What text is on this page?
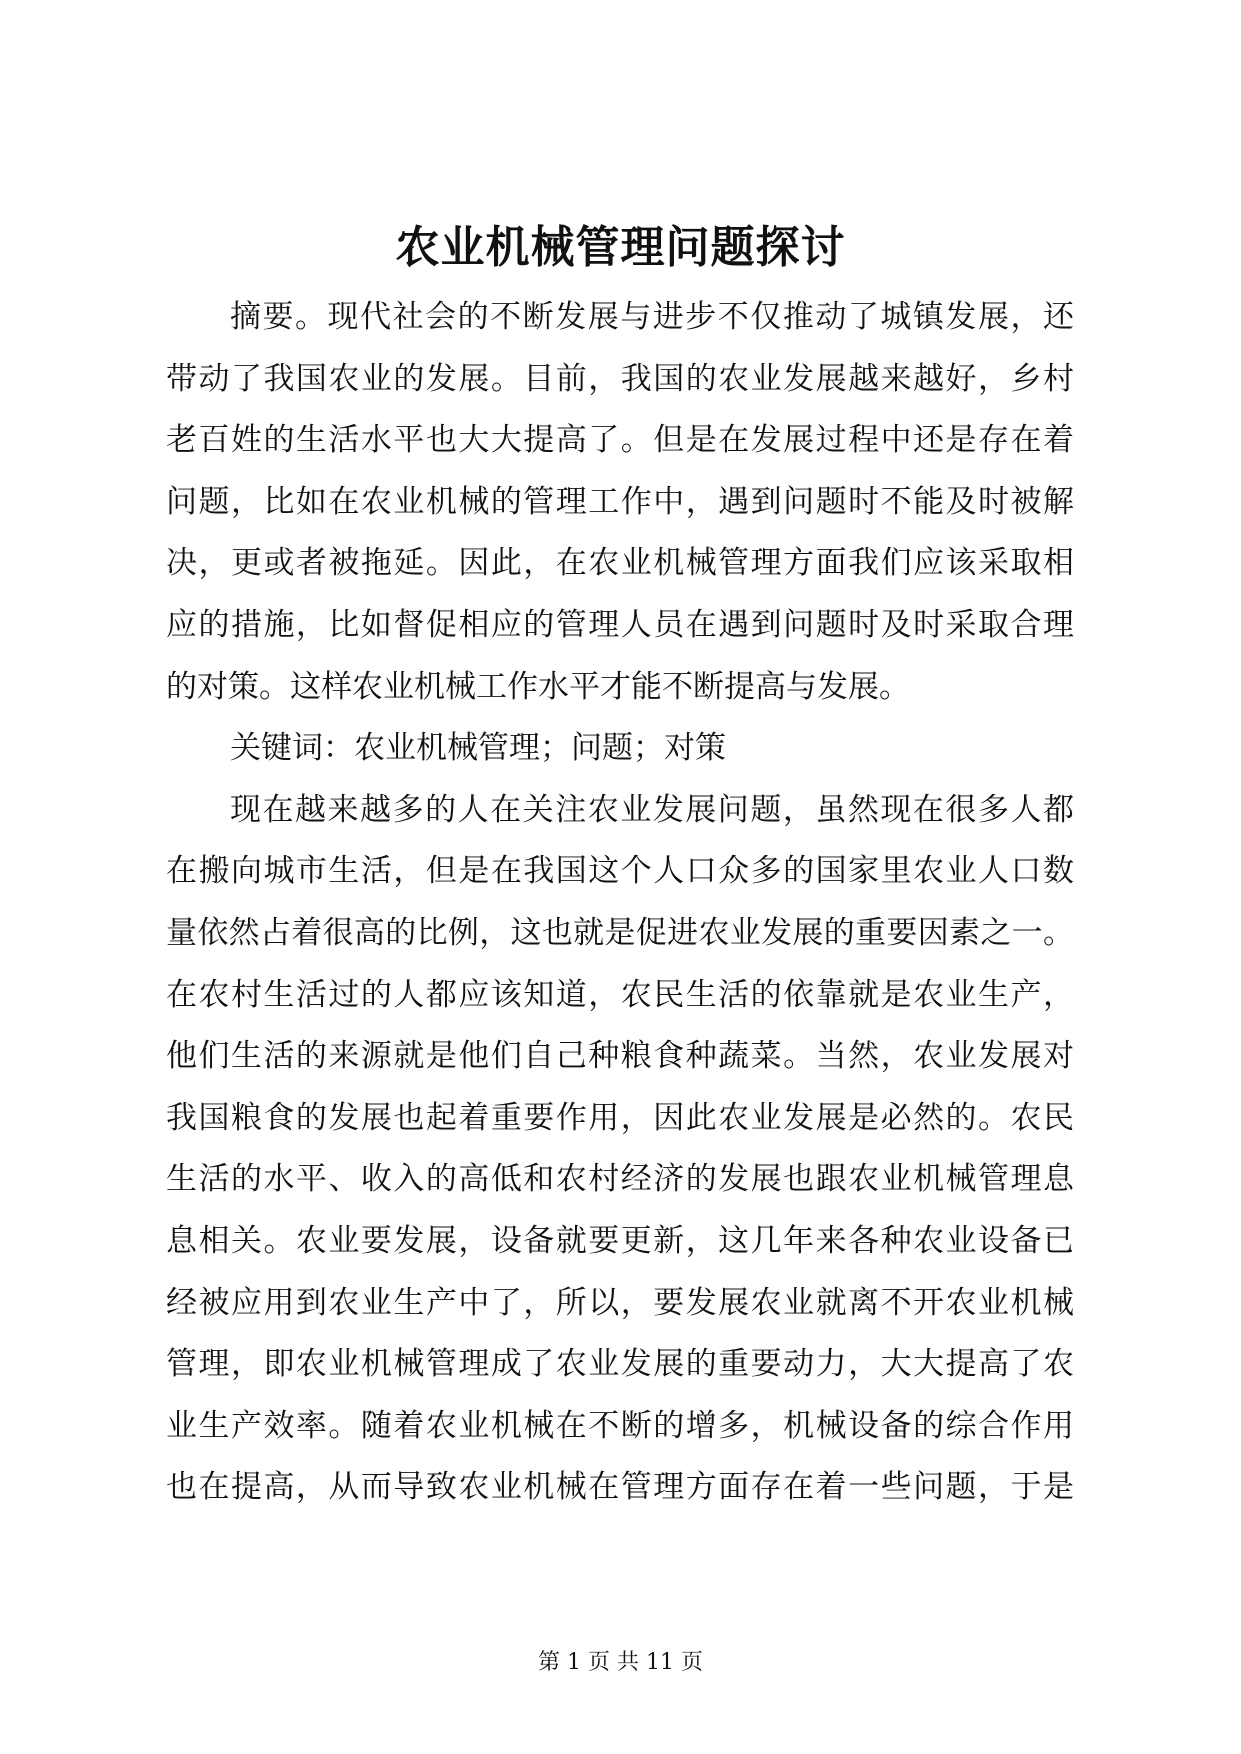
农业机械管理问题探讨
摘要。现代社会的不断发展与进步不仅推动了城镇发展，还
带动了我国农业的发展。目前，我国的农业发展越来越好，乡村
老百姓的生活水平也大大提高了。但是在发展过程中还是存在着
问题，比如在农业机械的管理工作中，遇到问题时不能及时被解
决，更或者被拖延。因此，在农业机械管理方面我们应该采取相
应的措施，比如督促相应的管理人员在遇到问题时及时采取合理
的对策。这样农业机械工作水平才能不断提高与发展。
关键词：农业机械管理；问题；对策
现在越来越多的人在关注农业发展问题，虽然现在很多人都
在搬向城市生活，但是在我国这个人口众多的国家里农业人口数
量依然占着很高的比例，这也就是促进农业发展的重要因素之一。
在农村生活过的人都应该知道，农民生活的依靠就是农业生产，
他们生活的来源就是他们自己种粮食种蔬菜。当然，农业发展对
我国粮食的发展也起着重要作用，因此农业发展是必然的。农民
生活的水平、收入的高低和农村经济的发展也跟农业机械管理息
息相关。农业要发展，设备就要更新，这几年来各种农业设备已
经被应用到农业生产中了，所以，要发展农业就离不开农业机械
管理，即农业机械管理成了农业发展的重要动力，大大提高了农
业生产效率。随着农业机械在不断的增多，机械设备的综合作用
也在提高，从而导致农业机械在管理方面存在着一些问题，于是
第 1 页 共 11 页
